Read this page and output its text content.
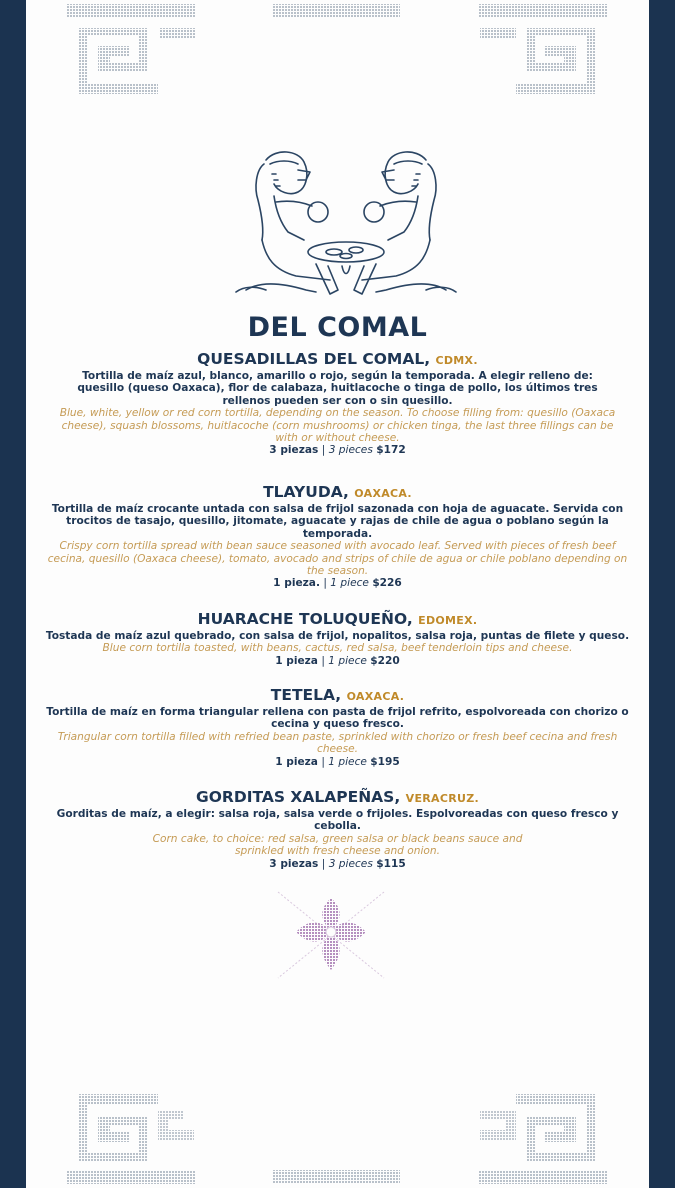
DEL COMAL
QUESADILLAS DEL COMAL, CDMX.
Tortilla de maíz azul, blanco, amarillo o rojo, según la temporada. A elegir relleno de: quesillo (queso Oaxaca), flor de calabaza, huitlacoche o tinga de pollo, los últimos tres rellenos pueden ser con o sin quesillo.
Blue, white, yellow or red corn tortilla, depending on the season. To choose filling from: quesillo (Oaxaca cheese), squash blossoms, huitlacoche (corn mushrooms) or chicken tinga, the last three fillings can be with or without cheese.
3 piezas | 3 pieces $172
TLAYUDA, OAXACA.
Tortilla de maíz crocante untada con salsa de frijol sazonada con hoja de aguacate. Servida con trocitos de tasajo, quesillo, jitomate, aguacate y rajas de chile de agua o poblano según la temporada.
Crispy corn tortilla spread with bean sauce seasoned with avocado leaf. Served with pieces of fresh beef cecina, quesillo (Oaxaca cheese), tomato, avocado and strips of chile de agua or chile poblano depending on the season.
1 pieza. | 1 piece $226
HUARACHE TOLUQUEÑO, EDOMEX.
Tostada de maíz azul quebrado, con salsa de frijol, nopalitos, salsa roja, puntas de filete y queso.
Blue corn tortilla toasted, with beans, cactus, red salsa, beef tenderloin tips and cheese.
1 pieza | 1 piece $220
TETELA, OAXACA.
Tortilla de maíz en forma triangular rellena con pasta de frijol refrito, espolvoreada con chorizo o cecina y queso fresco.
Triangular corn tortilla filled with refried bean paste, sprinkled with chorizo or fresh beef cecina and fresh cheese.
1 pieza | 1 piece $195
GORDITAS XALAPEÑAS, VERACRUZ.
Gorditas de maíz, a elegir: salsa roja, salsa verde o frijoles. Espolvoreadas con queso fresco y cebolla.
Corn cake, to choice: red salsa, green salsa or black beans sauce and sprinkled with fresh cheese and onion.
3 piezas | 3 pieces $115
